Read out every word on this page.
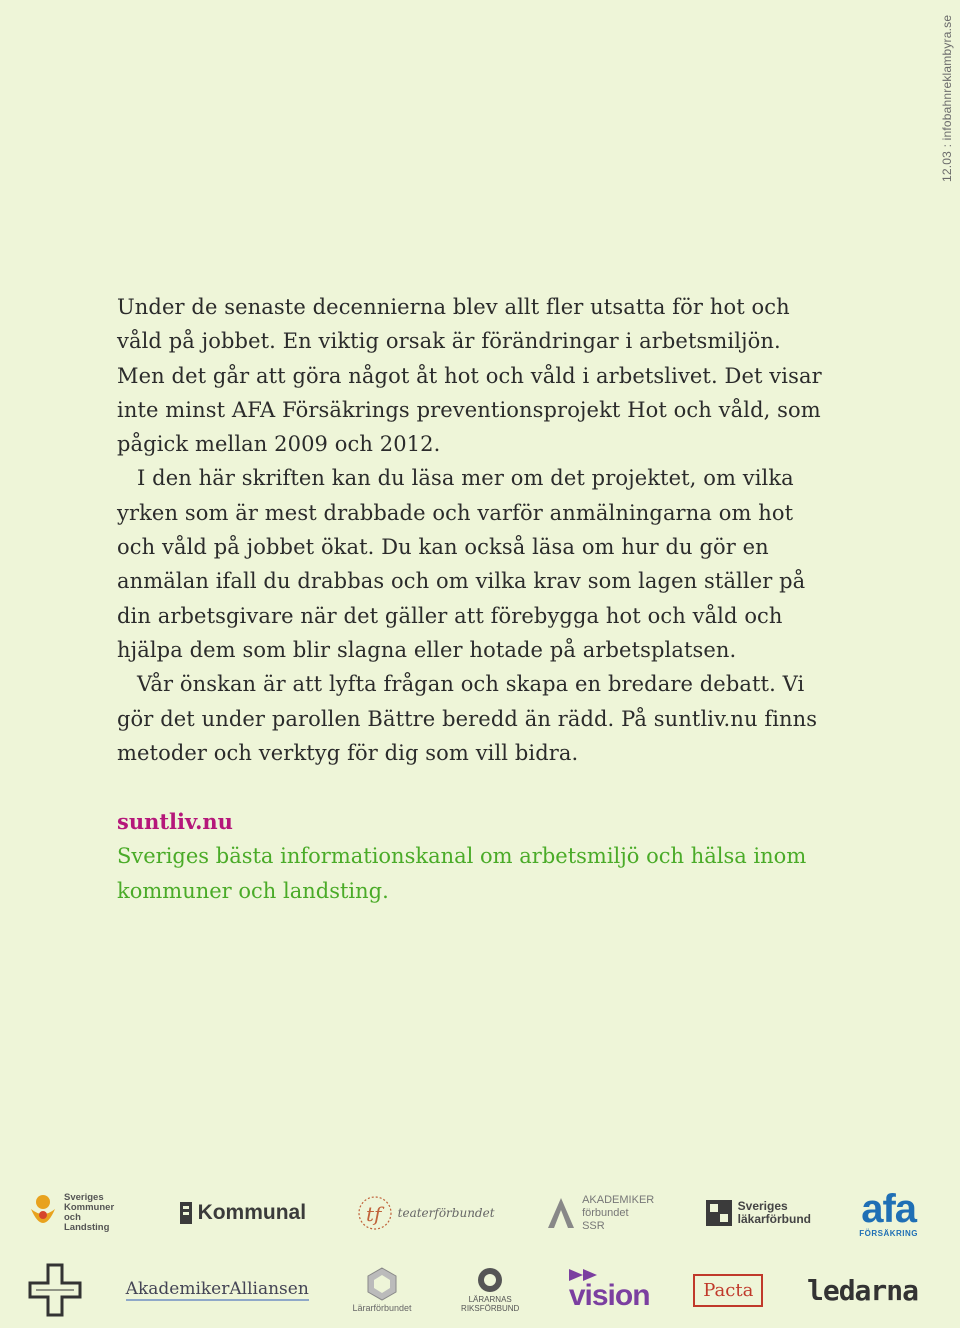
12.03 : infobahnreklambyra.se

Under de senaste decennierna blev allt fler utsatta för hot och våld på jobbet. En viktig orsak är förändringar i arbetsmiljön. Men det går att göra något åt hot och våld i arbetslivet. Det visar inte minst AFA Försäkrings preventionsprojekt Hot och våld, som pågick mellan 2009 och 2012.

I den här skriften kan du läsa mer om det projektet, om vilka yrken som är mest drabbade och varför anmälningarna om hot och våld på jobbet ökat. Du kan också läsa om hur du gör en anmälan ifall du drabbas och om vilka krav som lagen ställer på din arbetsgivare när det gäller att förebygga hot och våld och hjälpa dem som blir slagna eller hotade på arbetsplatsen.

Vår önskan är att lyfta frågan och skapa en bredare debatt. Vi gör det under parollen Bättre beredd än rädd. På suntliv.nu finns metoder och verktyg för dig som vill bidra.

suntliv.nu

Sveriges bästa informationskanal om arbetsmiljö och hälsa inom kommuner och landsting.

Sveriges Kommuner och Landsting
Kommunal	tf teaterförbundet
AKADEMIKER förbundet SSR
Sveriges läkarförbund afa
FÖRSÄKRING
AkademikerAlliansen
Lärarförbundet
LÄRARNAS RIKSFÖRBUND vision	Pacta	ledarna
